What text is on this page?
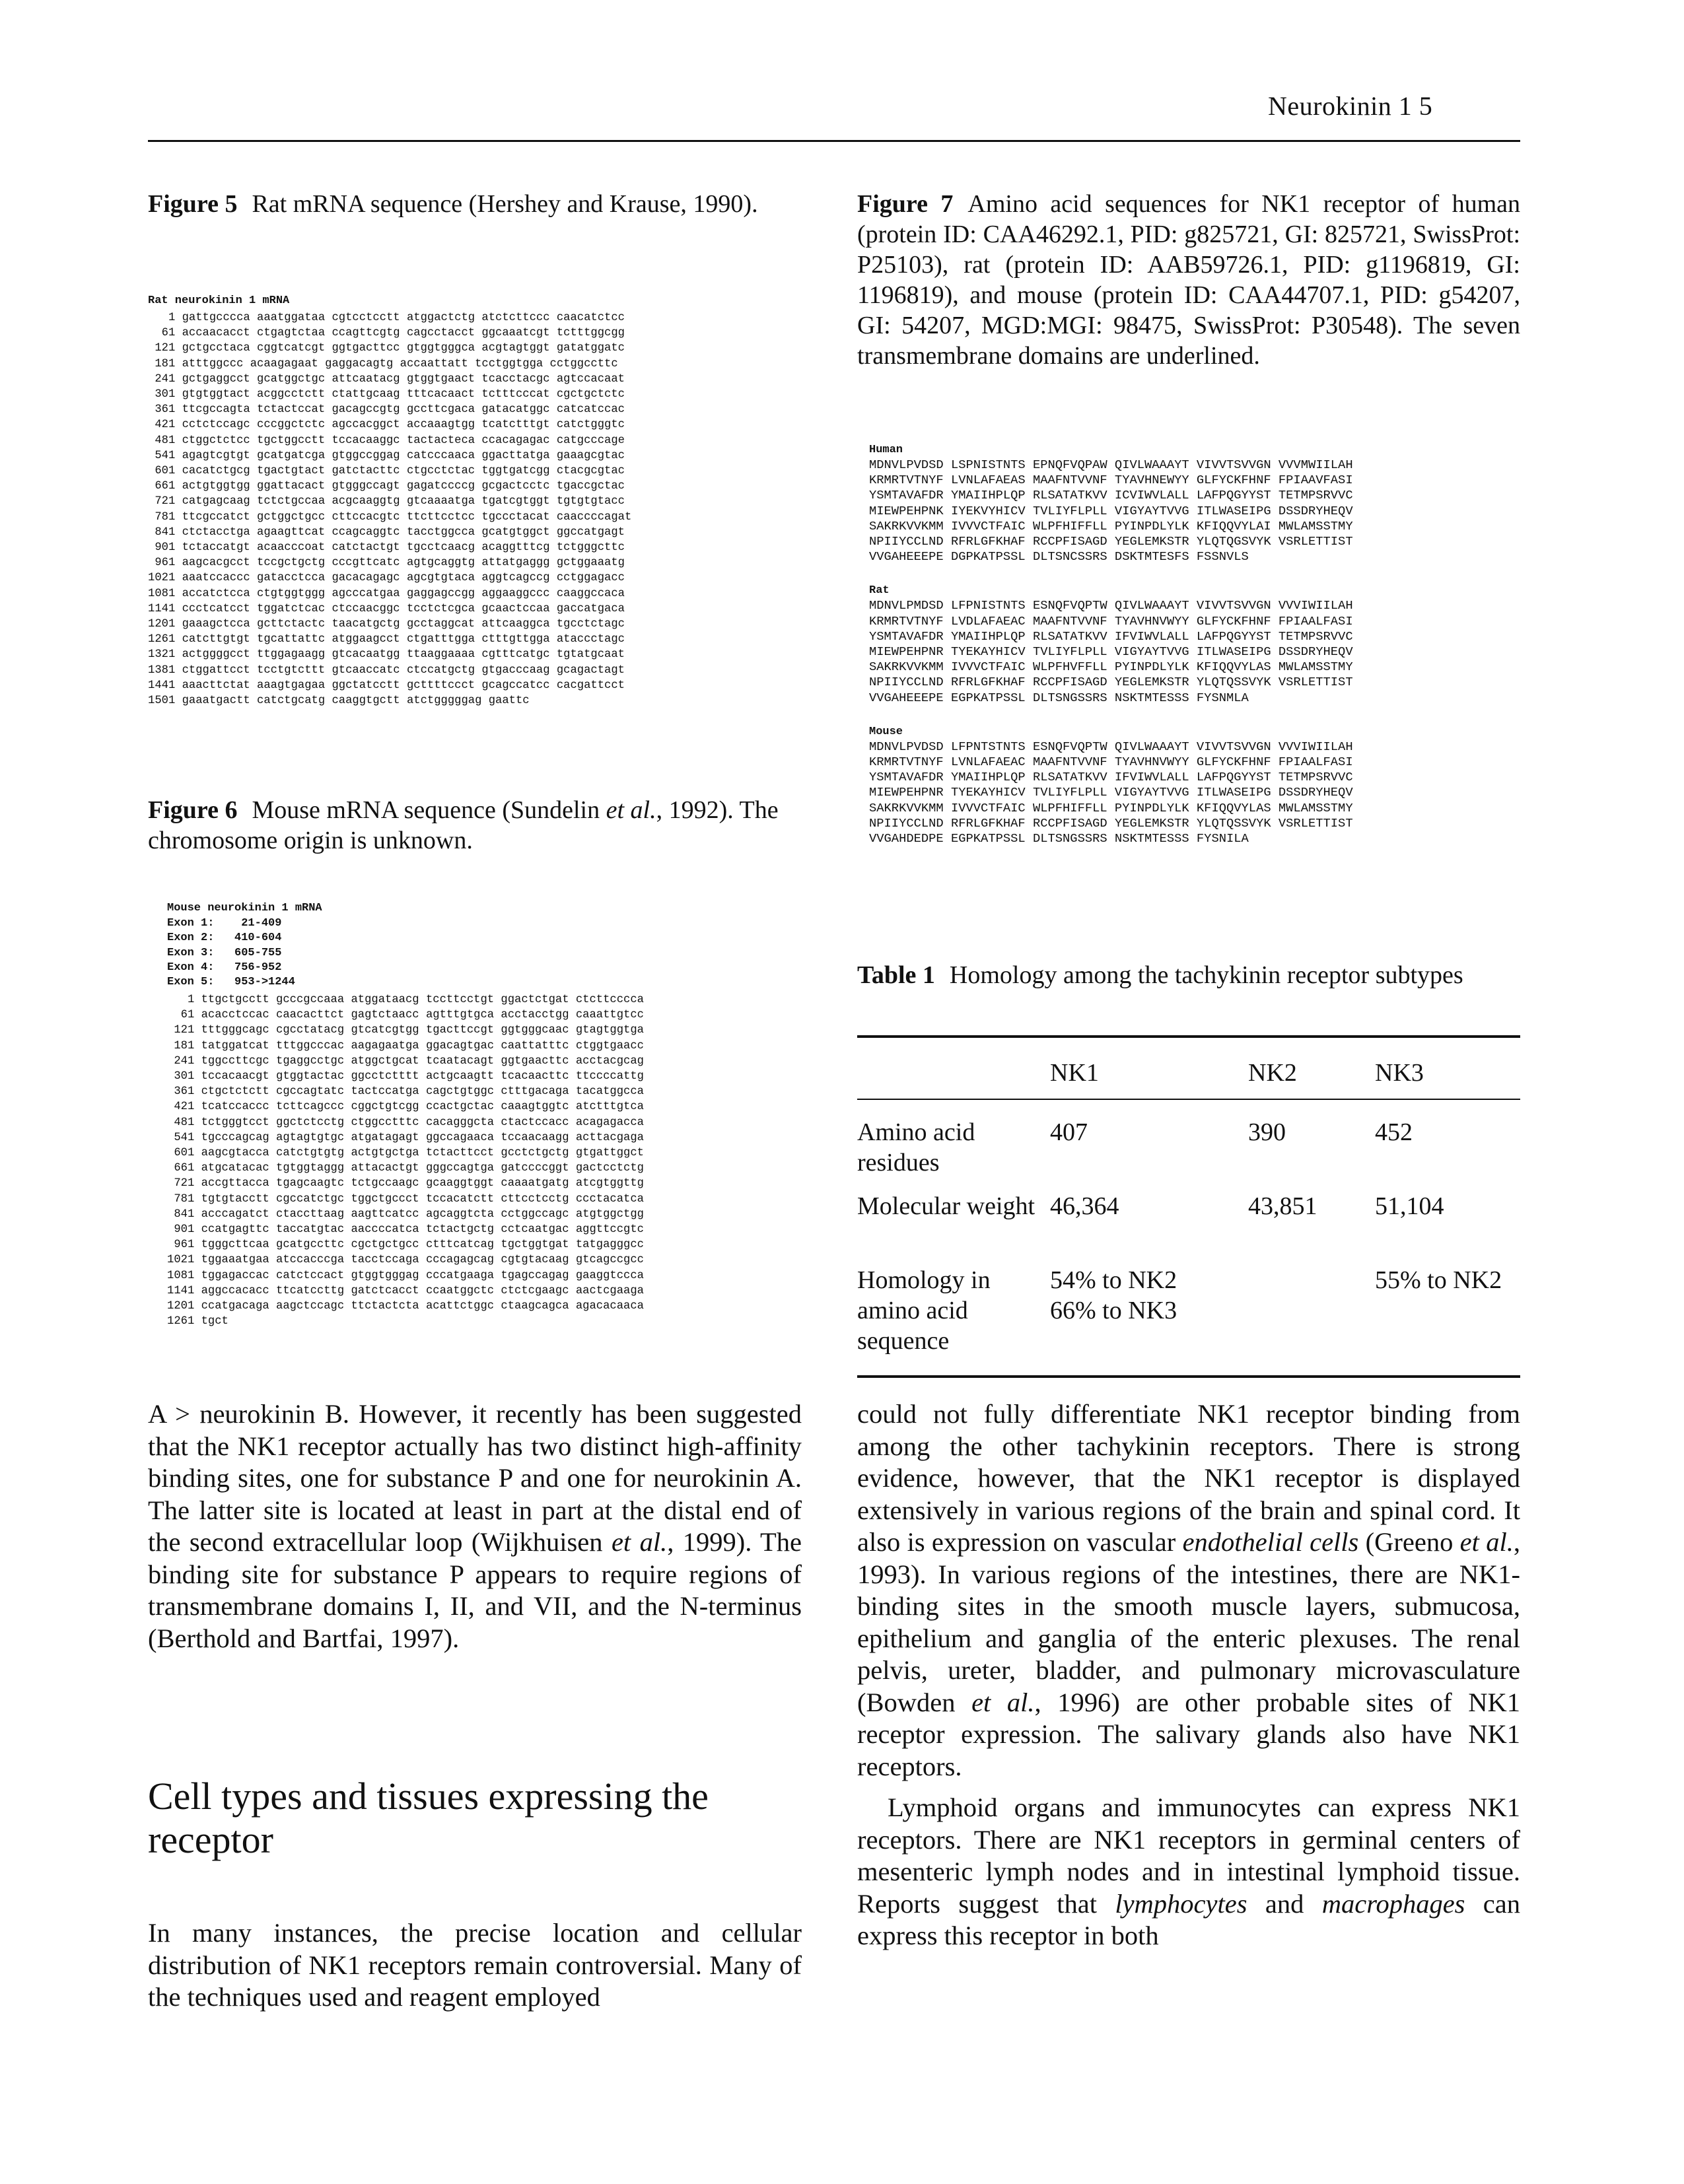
Neurokinin 1 5
Figure 5 Rat mRNA sequence (Hershey and Krause, 1990).
Rat neurokinin 1 mRNA
1 gattgcccca aaatggataa cgtcctcctt atggactctg atctcttccc caacatctcc
61 accaacacct ctgagtctaa ccagttcgtg cagcctacct ggcaaatcgt tctttggcgg
121 gctgcctaca cggtcatcgt ggtgacttcc gtggtgggca acgtagtggt gatatggatc
181 atttggccc acaagagaat gaggacagtg accaattatt tcctggtgga cctggccttc
241 gctgaggcct gcatggctgc attcaatacg gtggtgaact tcacctacgc agtccacaat
301 gtgtggtact acggcctctt ctattgcaag tttcacaact tctttcccat cgctgctctc
361 ttcgccagta tctactccat gacagccgtg gccttcgaca gatacatggc catcatccac
421 cctctccagc cccggctctc agccacggct accaaagtgg tcatctttgt catctgggtc
481 ctggctctcc tgctggcctt tccacaaggc tactacteca ccacagagac catgcccage
541 agagtcgtgt gcatgatcga gtggccggag catcccaaca ggacttatga gaaagcgtac
601 cacatctgcg tgactgtact gatctacttc ctgcctctac tggtgatcgg ctacgcgtac
661 actgtggtgg ggattacact gtgggccagt gagatccccg gcgactcctc tgaccgctac
721 catgagcaag tctctgccaa acgcaaggtg gtcaaaatga tgatcgtggt tgtgtgtacc
781 ttcgccatct gctggctgcc cttccacgtc ttcttcctcc tgccctacat caaccccagat
841 ctctacctga agaagttcat ccagcaggtc tacctggcca gcatgtggct ggccatgagt
901 tctaccatgt acaacccoat catctactgt tgcctcaacg acaggtttcg tctgggcttc
961 aagcacgcct tccgctgctg cccgttcatc agtgcaggtg attatgaggg gctggaaatg
1021 aaatccaccc gatacctcca gacacagagc agcgtgtaca aggtcagccg cctggagacc
1081 accatctcca ctgtggtggg agcccatgaa gaggagccgg aggaaggccc caaggccaca
1141 ccctcatcct tggatctcac ctccaacggc tcctctcgca gcaactccaa gaccatgaca
1201 gaaagctcca gcttctactc taacatgctg gcctaggcat attcaaggca tgcctctagc
1261 catcttgtgt tgcattattc atggaagcct ctgatttgga ctttgttgga ataccctagc
1321 actggggcct ttggagaagg gtcacaatgg ttaaggaaaa cgtttcatgc tgtatgcaat
1381 ctggattcct tcctgtcttt gtcaaccatc ctccatgctg gtgacccaag gcagactagt
1441 aaacttctat aaagtgagaa ggctatcctt gcttttccct gcagccatcc cacgattcct
1501 gaaatgactt catctgcatg caaggtgctt atctgggggag gaattc
Figure 6 Mouse mRNA sequence (Sundelin et al., 1992). The chromosome origin is unknown.
Mouse neurokinin 1 mRNA
Exon 1:    21-409
Exon 2:   410-604
Exon 3:   605-755
Exon 4:   756-952
Exon 5:   953->1244
1 ttgctgcctt gcccgccaaa atggataacg tccttcctgt ggactctgat ctcttcccca
61 acacctccac caacacttct gagtctaacc agtttgtgca acctacctgg caaattgtcc
121 tttgggcagc cgcctatacg gtcatcgtgg tgacttccgt ggtgggcaac gtagtggtga
181 tatggatcat tttggcccac aagagaatga ggacagtgac caattatttc ctggtgaacc
241 tggccttcgc tgaggcctgc atggctgcat tcaatacagt ggtgaacttc acctacgcag
301 tccacaacgt gtggtactac ggcctctttt actgcaagtt tcacaacttc ttccccattg
361 ctgctctctt cgccagtatc tactccatga cagctgtggc ctttgacaga tacatggcca
421 tcatccaccc tcttcagccc cggctgtcgg ccactgctac caaagtggtc atctttgtca
481 tctgggtcct ggctctcctg ctggcctttc cacagggcta ctactccacc acagagacca
541 tgcccagcag agtagtgtgc atgatagagt ggccagaacа tccaacaagg acttacgaga
601 aagcgtacca catctgtgtg actgtgctga tctacttcct gcctctgctg gtgattggct
661 atgcatacac tgtggtaggg attacactgt gggccagtga gatccccggt gactcctctg
721 accgttacca tgagcaagtc tctgccaagc gcaaggtggt caaaatgatg atcgtggttg
781 tgtgtacctt cgccatctgc tggctgccct tccacatctt cttcctcctg ccctacatca
841 acccagatct ctaccttaag aagttcatcc agcaggtcta cctggccagc atgtggctgg
901 ccatgagttc taccatgtac aaccccatca tctactgctg cctcaatgac aggttcсgtc
961 tgggcttcaa gcatgccttc cgctgctgcc ctttcatcag tgctggtgat tatgagggcc
1021 tggaaatgaa atccacccga tacctccaga cccagagcag cgtgtacaag gtcagccgcc
1081 tggagaccac catctccact gtggtgggag cccatgaaga tgagccagag gaaggtccca
1141 aggccacacc ttcatccttg gatctcacct ccaatggctc ctctcgaagc aactcgaaga
1201 ccatgacaga aagctccagc ttctactcta acattctggc ctaagcagca agacacaaca
1261 tgct
Figure 7 Amino acid sequences for NK1 receptor of human (protein ID: CAA46292.1, PID: g825721, GI: 825721, SwissProt: P25103), rat (protein ID: AAB59726.1, PID: g1196819, GI: 1196819), and mouse (protein ID: CAA44707.1, PID: g54207, GI: 54207, MGD:MGI: 98475, SwissProt: P30548). The seven transmembrane domains are underlined.
Human
MDNVLPVDSD LSPNISTNTS EPNQFVQPAW QIVLWAAAYT VIVVTSVVGN VVVMWIILAH
KRMRTVTNYF LVNLAFAEAS MAAFNTVVNF TYAVHNEWYY GLFYCKFHNF FPIAAVFASI
YSMTAVAFDR YMAIIHPLQP RLSATATKVV ICVIWVLALL LAFPQGYYST TETMPSRVVC
MIEWPEHPNK IYEKVYHICV TVLIYFLPLL VIGYAYTVVG ITLWASEIPG DSSDRYHEQV
SAKRKVVKMM IVVVCTFAIC WLPFHIFFLL PYINPDLYLK KFIQQVYLAI MWLAMSSTMY
NPIIYCCLND RFRLGFKHAF RCCPFISAGD YEGLEMKSTR YLQTQGSVYK VSRLETTIST
VVGAHEEEPE DGPKATPSSL DLTSNCSSRS DSKTMTESFS FSSNVLS
Rat
MDNVLPMDSD LFPNISTNTS ESNQFVQPTW QIVLWAAAYT VIVVTSVVGN VVVIWIILAH
KRMRTVTNYF LVDLAFAEAC MAAFNTVVNF TYAVHNVWYY GLFYCKFHNF FPIAALFASI
YSMTAVAFDR YMAIIHPLQP RLSATATKVV IFVIWVLALL LAFPQGYYST TETMPSRVVC
MIEWPEHPNR TYEKAYHICV TVLIYFLPLL VIGYAYTVVG ITLWASEIPG DSSDRYHEQV
SAKRKVVKMM IVVVCTFAIC WLPFHVFFLL PYINPDLYLK KFIQQVYLAS MWLAMSSTMY
NPIIYCCLND RFRLGFKHAF RCCPFISAGD YEGLEMKSTR YLQTQSSVYK VSRLETTIST
VVGAHEEEPE EGPKATPSSL DLTSNGSSRS NSKTMTESSS FYSNMLA
Mouse
MDNVLPVDSD LFPNTSTNTS ESNQFVQPTW QIVLWAAAYT VIVVTSVVGN VVVIWIILAH
KRMRTVTNYF LVNLAFAEAC MAAFNTVVNF TYAVHNVWYY GLFYCKFHNF FPIAALFASI
YSMTAVAFDR YMAIIHPLQP RLSATATKVV IFVIWVLALL LAFPQGYYST TETMPSRVVC
MIEWPEHPNR TYEKAYHICV TVLIYFLPLL VIGYAYTVVG ITLWASEIPG DSSDRYHEQV
SAKRKVVKMM IVVVCTFAIC WLPFHIFFLL PYINPDLYLK KFIQQVYLAS MWLAMSSTMY
NPIIYCCLND RFRLGFKHAF RCCPFISAGD YEGLEMKSTR YLQTQSSVYK VSRLETTIST
VVGAHDEDPE EGPKATPSSL DLTSNGSSRS NSKTMTESSS FYSNILA
Table 1 Homology among the tachykinin receptor subtypes
	NK1	NK2	NK3
Amino acid residues	407	390	452
Molecular weight	46,364	43,851	51,104
Homology in amino acid sequence	54% to NK2
66% to NK3		55% to NK2

A > neurokinin B. However, it recently has been suggested that the NK1 receptor actually has two distinct high-affinity binding sites, one for substance P and one for neurokinin A. The latter site is located at least in part at the distal end of the second extracellular loop (Wijkhuisen et al., 1999). The binding site for substance P appears to require regions of transmembrane domains I, II, and VII, and the N-terminus (Berthold and Bartfai, 1997).

Cell types and tissues expressing the receptor

In many instances, the precise location and cellular distribution of NK1 receptors remain controversial. Many of the techniques used and reagent employed

could not fully differentiate NK1 receptor binding from among the other tachykinin receptors. There is strong evidence, however, that the NK1 receptor is displayed extensively in various regions of the brain and spinal cord. It also is expression on vascular endothelial cells (Greeno et al., 1993). In various regions of the intestines, there are NK1-binding sites in the smooth muscle layers, submucosa, epithelium and ganglia of the enteric plexuses. The renal pelvis, ureter, bladder, and pulmonary microvasculature (Bowden et al., 1996) are other probable sites of NK1 receptor expression. The salivary glands also have NK1 receptors.

Lymphoid organs and immunocytes can express NK1 receptors. There are NK1 receptors in germinal centers of mesenteric lymph nodes and in intestinal lymphoid tissue. Reports suggest that lymphocytes and macrophages can express this receptor in both
